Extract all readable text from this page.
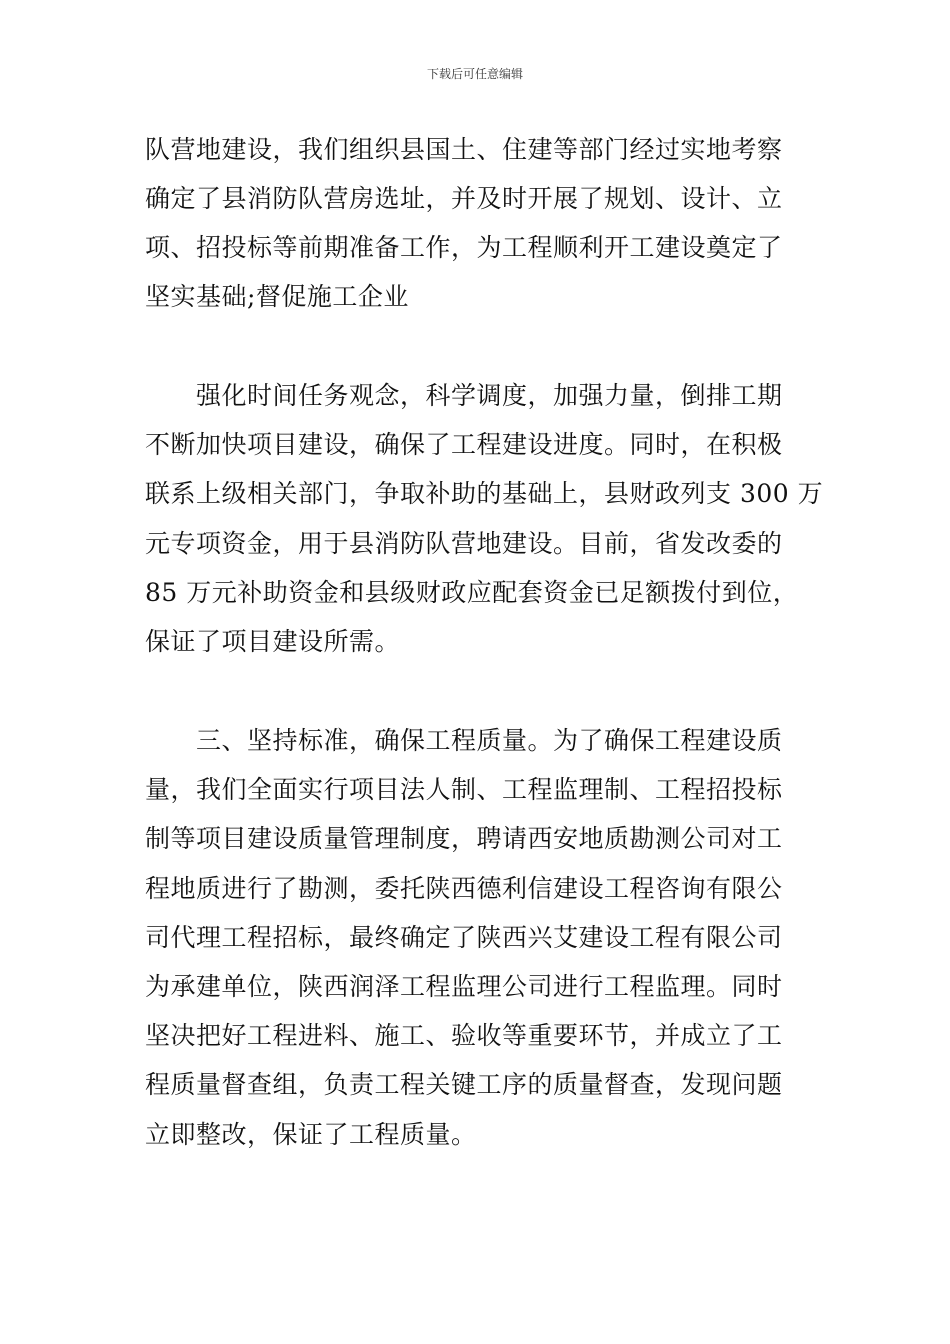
下载后可任意编辑
队营地建设，我们组织县国土、住建等部门经过实地考察
确定了县消防队营房选址，并及时开展了规划、设计、立
项、招投标等前期准备工作，为工程顺利开工建设奠定了
坚实基础;督促施工企业
　　强化时间任务观念，科学调度，加强力量，倒排工期
不断加快项目建设，确保了工程建设进度。同时，在积极
联系上级相关部门，争取补助的基础上，县财政列支 300 万
元专项资金，用于县消防队营地建设。目前，省发改委的
85 万元补助资金和县级财政应配套资金已足额拨付到位，
保证了项目建设所需。
　　三、坚持标准，确保工程质量。为了确保工程建设质
量，我们全面实行项目法人制、工程监理制、工程招投标
制等项目建设质量管理制度，聘请西安地质勘测公司对工
程地质进行了勘测，委托陕西德利信建设工程咨询有限公
司代理工程招标，最终确定了陕西兴艾建设工程有限公司
为承建单位，陕西润泽工程监理公司进行工程监理。同时
坚决把好工程进料、施工、验收等重要环节，并成立了工
程质量督查组，负责工程关键工序的质量督查，发现问题
立即整改，保证了工程质量。
